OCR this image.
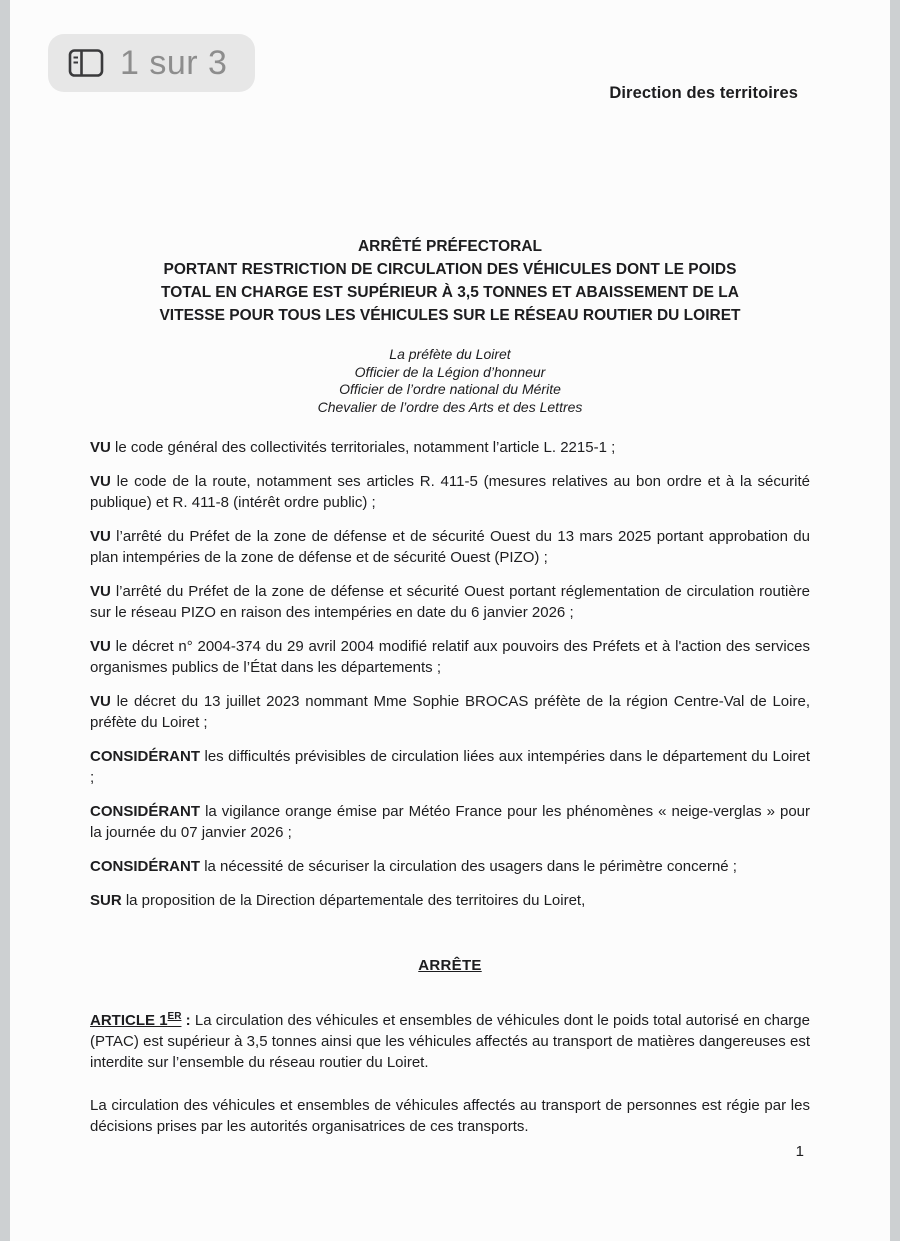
1 sur 3
Direction des territoires
ARRÊTÉ PRÉFECTORAL
PORTANT RESTRICTION DE CIRCULATION DES VÉHICULES DONT LE POIDS
TOTAL EN CHARGE EST SUPÉRIEUR À 3,5 TONNES ET ABAISSEMENT DE LA
VITESSE POUR TOUS LES VÉHICULES SUR LE RÉSEAU ROUTIER DU LOIRET
La préfète du Loiret
Officier de la Légion d’honneur
Officier de l’ordre national du Mérite
Chevalier de l’ordre des Arts et des Lettres

VU le code général des collectivités territoriales, notamment l’article L. 2215-1 ;

VU le code de la route, notamment ses articles R. 411-5 (mesures relatives au bon ordre et à la sécurité publique) et R. 411-8 (intérêt ordre public) ;

VU l’arrêté du Préfet de la zone de défense et de sécurité Ouest du 13 mars 2025 portant approbation du plan intempéries de la zone de défense et de sécurité Ouest (PIZO) ;

VU l’arrêté du Préfet de la zone de défense et sécurité Ouest portant réglementation de circulation routière sur le réseau PIZO en raison des intempéries en date du 6 janvier 2026 ;

VU le décret n° 2004-374 du 29 avril 2004 modifié relatif aux pouvoirs des Préfets et à l'action des services organismes publics de l’État dans les départements ;

VU le décret du 13 juillet 2023 nommant Mme Sophie BROCAS préfète de la région Centre-Val de Loire, préfète du Loiret ;

CONSIDÉRANT les difficultés prévisibles de circulation liées aux intempéries dans le département du Loiret ;

CONSIDÉRANT la vigilance orange émise par Météo France pour les phénomènes « neige-verglas » pour la journée du 07 janvier 2026 ;

CONSIDÉRANT la nécessité de sécuriser la circulation des usagers dans le périmètre concerné ;

SUR la proposition de la Direction départementale des territoires du Loiret,

ARRÊTE

ARTICLE 1ER : La circulation des véhicules et ensembles de véhicules dont le poids total autorisé en charge (PTAC) est supérieur à 3,5 tonnes ainsi que les véhicules affectés au transport de matières dangereuses est interdite sur l’ensemble du réseau routier du Loiret.

La circulation des véhicules et ensembles de véhicules affectés au transport de personnes est régie par les décisions prises par les autorités organisatrices de ces transports.

1
